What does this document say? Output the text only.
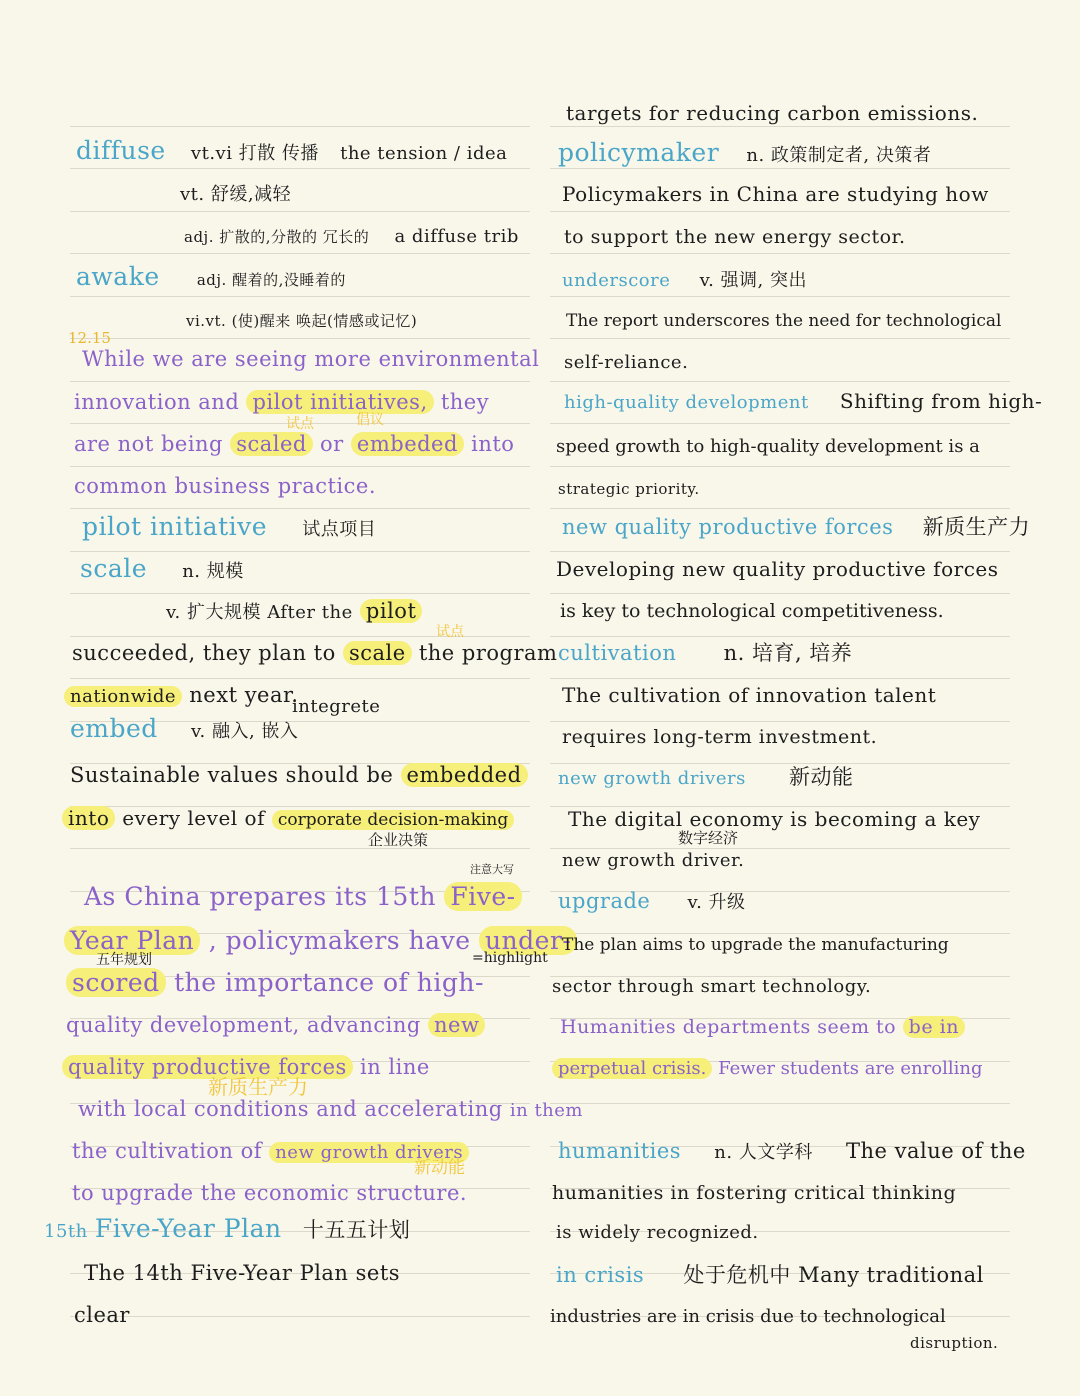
diffuse vt.vi 打散 传播 the tension / idea
vt. 舒缓,减轻
adj. 扩散的,分散的 冗长的 a diffuse trib
awake adj. 醒着的,没睡着的
vi.vt. (使)醒来 唤起(情感或记忆)
12.15
While we are seeing more environmental
innovation and pilot initiatives, they
试点	倡议
are not being scaled or embeded into
common business practice.
pilot initiative 试点项目
scale n. 规模
v. 扩大规模 After the pilot
试点
succeeded, they plan to scale the program
nationwide next year.
integrete
embed v. 融入, 嵌入
Sustainable values should be embedded
into every level of corporate decision-making
企业决策
注意大写
As China prepares its 15th Five-
Year Plan , policymakers have under-
五年规划	=highlight
scored the importance of high-
quality development, advancing new
quality productive forces in line
新质生产力
with local conditions and accelerating in them
the cultivation of new growth drivers
新动能
to upgrade the economic structure.
15th Five-Year Plan 十五五计划
The 14th Five-Year Plan sets
clear
targets for reducing carbon emissions.
policymaker n. 政策制定者, 决策者
Policymakers in China are studying how
to support the new energy sector.
underscore v. 强调, 突出
The report underscores the need for technological
self-reliance.
high-quality development Shifting from high-
speed growth to high-quality development is a
strategic priority.
new quality productive forces 新质生产力
Developing new quality productive forces
is key to technological competitiveness.
cultivation n. 培育, 培养
The cultivation of innovation talent
requires long-term investment.
new growth drivers 新动能
The digital economy is becoming a key
数字经济
new growth driver.
upgrade v. 升级
The plan aims to upgrade the manufacturing
sector through smart technology.
Humanities departments seem to be in
perpetual crisis. Fewer students are enrolling
humanities n. 人文学科 The value of the
humanities in fostering critical thinking
is widely recognized.
in crisis 处于危机中 Many traditional
industries are in crisis due to technological
disruption.
